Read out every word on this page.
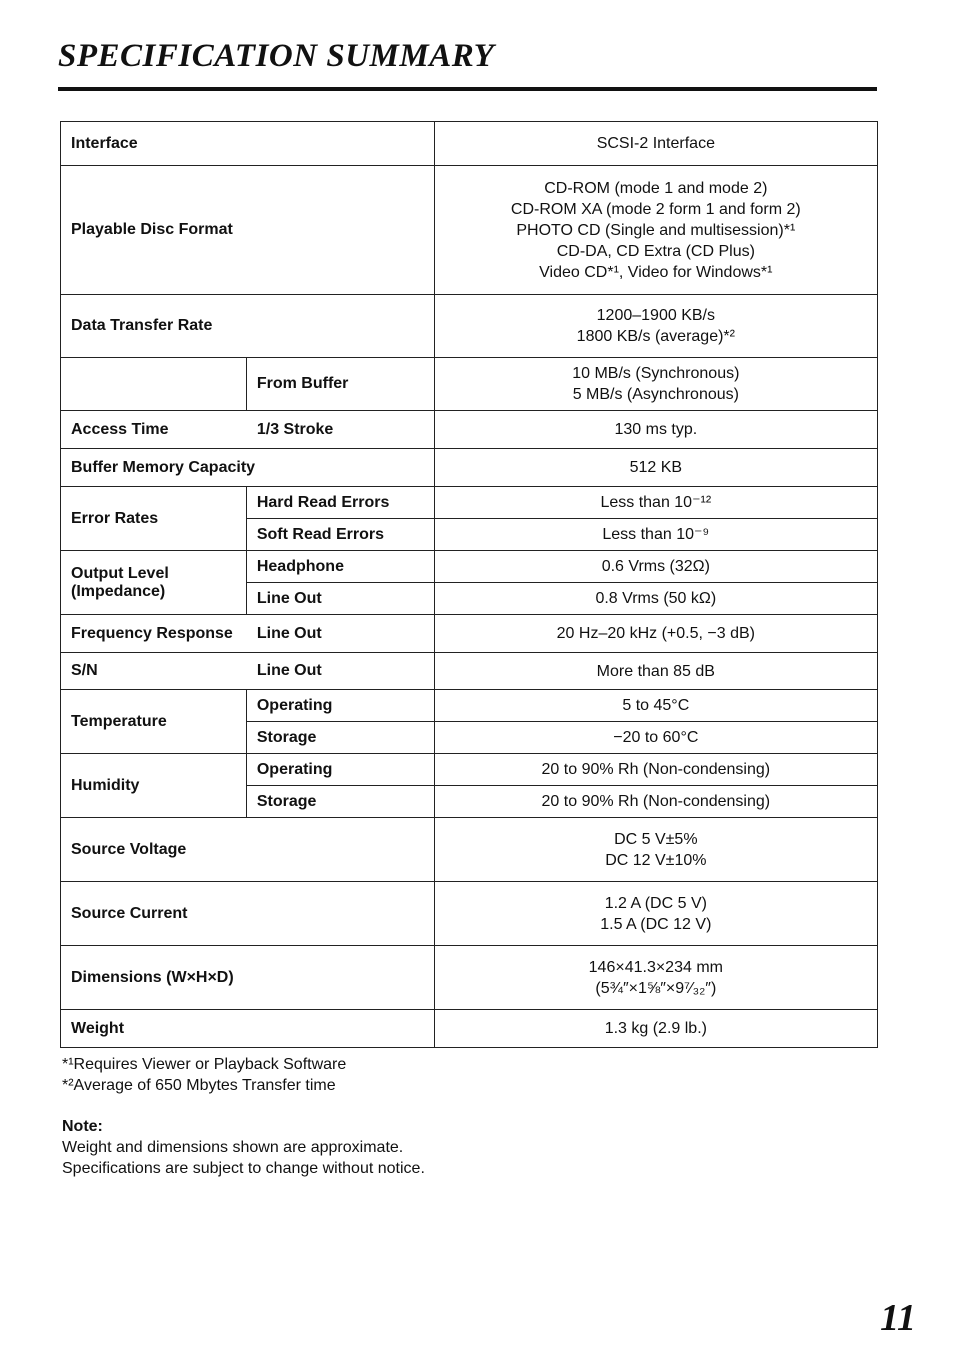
SPECIFICATION SUMMARY
Interface		SCSI-2 Interface
Playable Disc Format		CD-ROM (mode 1 and mode 2)
CD-ROM XA (mode 2 form 1 and form 2)
PHOTO CD (Single and multisession)*¹
CD-DA, CD Extra (CD Plus)
Video CD*¹, Video for Windows*¹

Data Transfer Rate		1200–1900 KB/s
1800 KB/s (average)*²

	From Buffer	10 MB/s (Synchronous)
5 MB/s (Asynchronous)

Access Time	1/3 Stroke	130 ms typ.
Buffer Memory Capacity		512 KB
Error Rates	Hard Read Errors	Less than 10⁻¹²
	Soft Read Errors	Less than 10⁻⁹

Output Level
(Impedance)	Headphone	0.6 Vrms (32Ω)
	Line Out	0.8 Vrms (50 kΩ)
Frequency Response	Line Out	20 Hz–20 kHz (+0.5, −3 dB)
S/N	Line Out	More than 85 dB
Temperature	Operating	5 to 45°C
	Storage	−20 to 60°C
Humidity	Operating	20 to 90% Rh (Non-condensing)
	Storage	20 to 90% Rh (Non-condensing)
Source Voltage		DC 5 V±5%
DC 12 V±10%

Source Current		1.2 A (DC 5 V)
1.5 A (DC 12 V)

Dimensions (W×H×D)		146×41.3×234 mm
(5¾″×1⅝″×9⁷⁄₃₂″)

Weight		1.3 kg (2.9 lb.)
*¹Requires Viewer or Playback Software
*²Average of 650 Mbytes Transfer time
Note:
Weight and dimensions shown are approximate.
Specifications are subject to change without notice.
11
